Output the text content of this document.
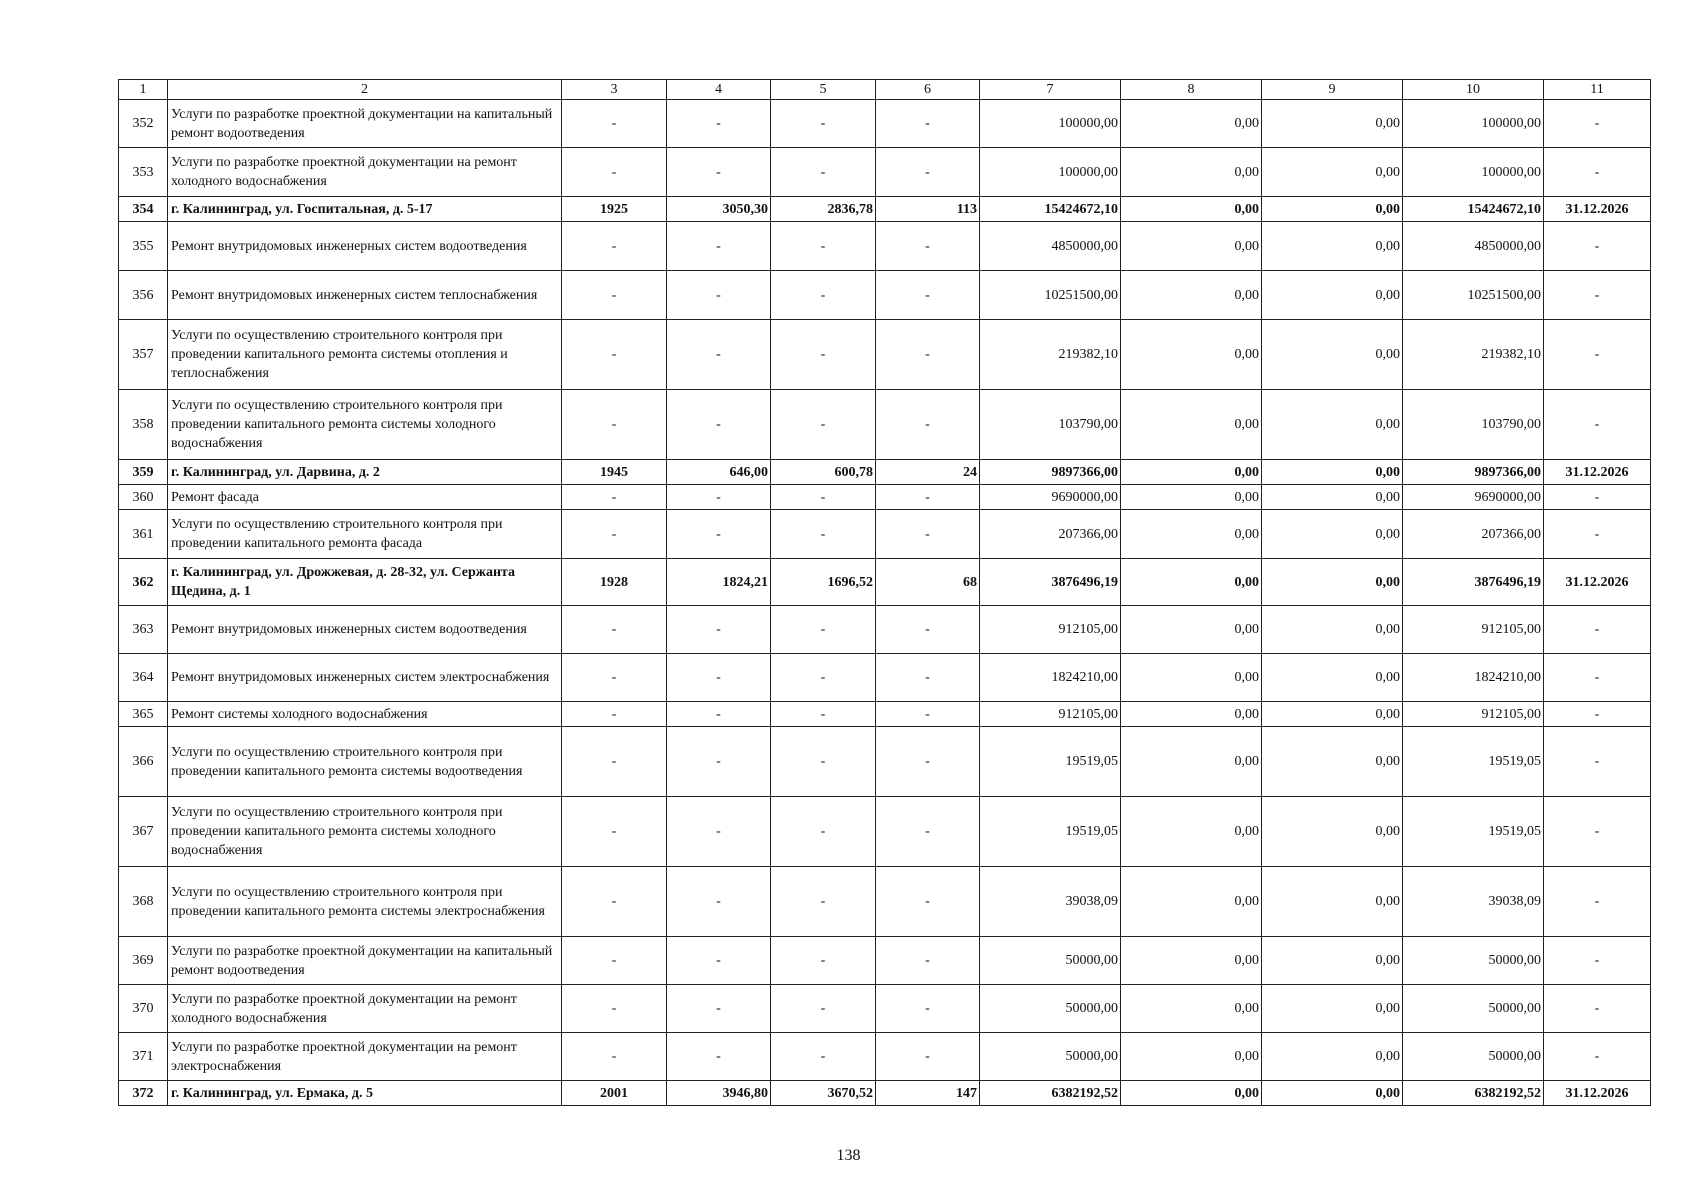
1	2	3	4	5	6	7	8	9	10	11
352	Услуги по разработке проектной документации на капитальный ремонт водоотведения	-	-	-	-	100000,00	0,00	0,00	100000,00	-
353	Услуги по разработке проектной документации на ремонт холодного водоснабжения	-	-	-	-	100000,00	0,00	0,00	100000,00	-
354	г. Калининград, ул. Госпитальная, д. 5-17	1925	3050,30	2836,78	113	15424672,10	0,00	0,00	15424672,10	31.12.2026
355	Ремонт внутридомовых инженерных систем водоотведения	-	-	-	-	4850000,00	0,00	0,00	4850000,00	-
356	Ремонт внутридомовых инженерных систем теплоснабжения	-	-	-	-	10251500,00	0,00	0,00	10251500,00	-
357	Услуги по осуществлению строительного контроля при проведении капитального ремонта системы отопления и теплоснабжения	-	-	-	-	219382,10	0,00	0,00	219382,10	-
358	Услуги по осуществлению строительного контроля при проведении капитального ремонта системы холодного водоснабжения	-	-	-	-	103790,00	0,00	0,00	103790,00	-
359	г. Калининград, ул. Дарвина, д. 2	1945	646,00	600,78	24	9897366,00	0,00	0,00	9897366,00	31.12.2026
360	Ремонт фасада	-	-	-	-	9690000,00	0,00	0,00	9690000,00	-
361	Услуги по осуществлению строительного контроля при проведении капитального ремонта фасада	-	-	-	-	207366,00	0,00	0,00	207366,00	-
362	г. Калининград, ул. Дрожжевая, д. 28-32, ул. Сержанта Щедина, д. 1	1928	1824,21	1696,52	68	3876496,19	0,00	0,00	3876496,19	31.12.2026
363	Ремонт внутридомовых инженерных систем водоотведения	-	-	-	-	912105,00	0,00	0,00	912105,00	-
364	Ремонт внутридомовых инженерных систем электроснабжения	-	-	-	-	1824210,00	0,00	0,00	1824210,00	-
365	Ремонт системы холодного водоснабжения	-	-	-	-	912105,00	0,00	0,00	912105,00	-
366	Услуги по осуществлению строительного контроля при проведении капитального ремонта системы водоотведения	-	-	-	-	19519,05	0,00	0,00	19519,05	-
367	Услуги по осуществлению строительного контроля при проведении капитального ремонта системы холодного водоснабжения	-	-	-	-	19519,05	0,00	0,00	19519,05	-
368	Услуги по осуществлению строительного контроля при проведении капитального ремонта системы электроснабжения	-	-	-	-	39038,09	0,00	0,00	39038,09	-
369	Услуги по разработке проектной документации на капитальный ремонт водоотведения	-	-	-	-	50000,00	0,00	0,00	50000,00	-
370	Услуги по разработке проектной документации на ремонт холодного водоснабжения	-	-	-	-	50000,00	0,00	0,00	50000,00	-
371	Услуги по разработке проектной документации на ремонт электроснабжения	-	-	-	-	50000,00	0,00	0,00	50000,00	-
372	г. Калининград, ул. Ермака, д. 5	2001	3946,80	3670,52	147	6382192,52	0,00	0,00	6382192,52	31.12.2026
138
